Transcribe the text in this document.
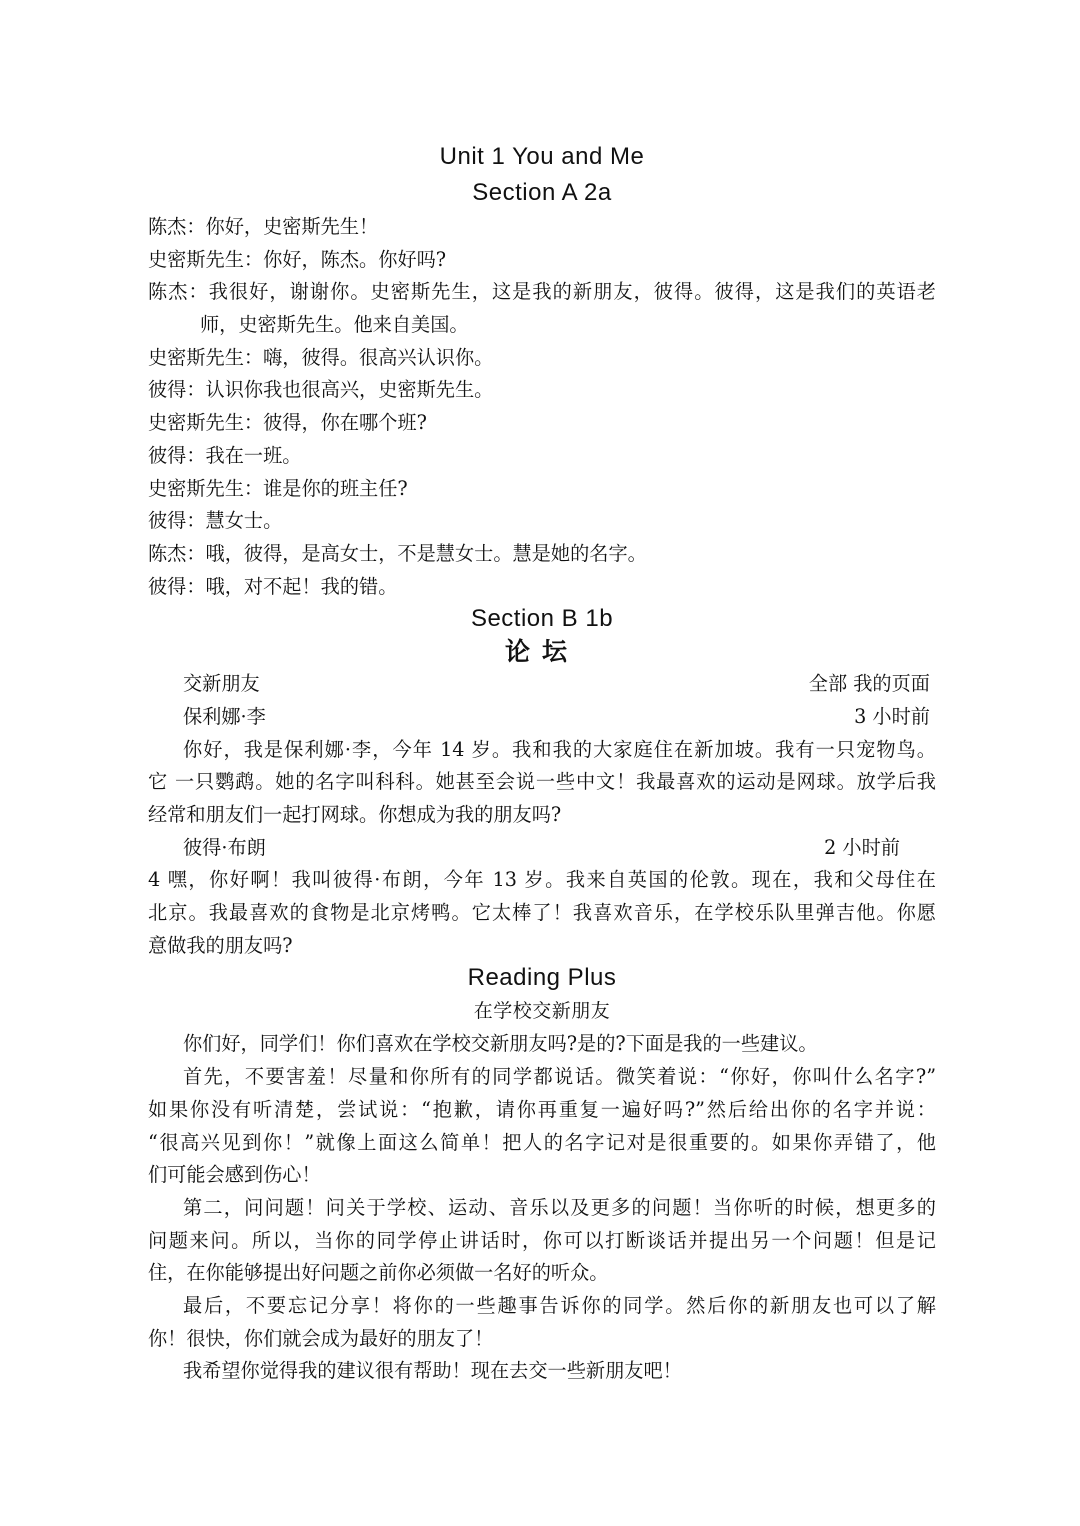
Unit 1 You and Me
Section A 2a
陈杰：你好，史密斯先生！
史密斯先生：你好，陈杰。你好吗?
陈杰：我很好，谢谢你。史密斯先生，这是我的新朋友，彼得。彼得，这是我们的英语老
师，史密斯先生。他来自美国。
史密斯先生：嗨，彼得。很高兴认识你。
彼得：认识你我也很高兴，史密斯先生。
史密斯先生：彼得，你在哪个班?
彼得：我在一班。
史密斯先生：谁是你的班主任?
彼得：慧女士。
陈杰：哦，彼得，是高女士，不是慧女士。慧是她的名字。
彼得：哦，对不起！我的错。
Section B 1b
论坛
交新朋友	全部 我的页面
保利娜·李	3 小时前
你好，我是保利娜·李，今年 14 岁。我和我的大家庭住在新加坡。我有一只宠物鸟。
它 一只鹦鹉。她的名字叫科科。她甚至会说一些中文！我最喜欢的运动是网球。放学后我
经常和朋友们一起打网球。你想成为我的朋友吗?
彼得·布朗	2 小时前
4 嘿，你好啊！我叫彼得·布朗，今年 13 岁。我来自英国的伦敦。现在，我和父母住在
北京。我最喜欢的食物是北京烤鸭。它太棒了！我喜欢音乐，在学校乐队里弹吉他。你愿
意做我的朋友吗?
Reading Plus
在学校交新朋友
你们好，同学们！你们喜欢在学校交新朋友吗?是的?下面是我的一些建议。
首先，不要害羞！尽量和你所有的同学都说话。微笑着说：“你好，你叫什么名字?”
如果你没有听清楚，尝试说：“抱歉，请你再重复一遍好吗?”然后给出你的名字并说：
“很高兴见到你！”就像上面这么简单！把人的名字记对是很重要的。如果你弄错了，他
们可能会感到伤心！
第二，问问题！问关于学校、运动、音乐以及更多的问题！当你听的时候，想更多的
问题来问。所以，当你的同学停止讲话时，你可以打断谈话并提出另一个问题！但是记
住，在你能够提出好问题之前你必须做一名好的听众。
最后，不要忘记分享！将你的一些趣事告诉你的同学。然后你的新朋友也可以了解
你！很快，你们就会成为最好的朋友了！
我希望你觉得我的建议很有帮助！现在去交一些新朋友吧！
